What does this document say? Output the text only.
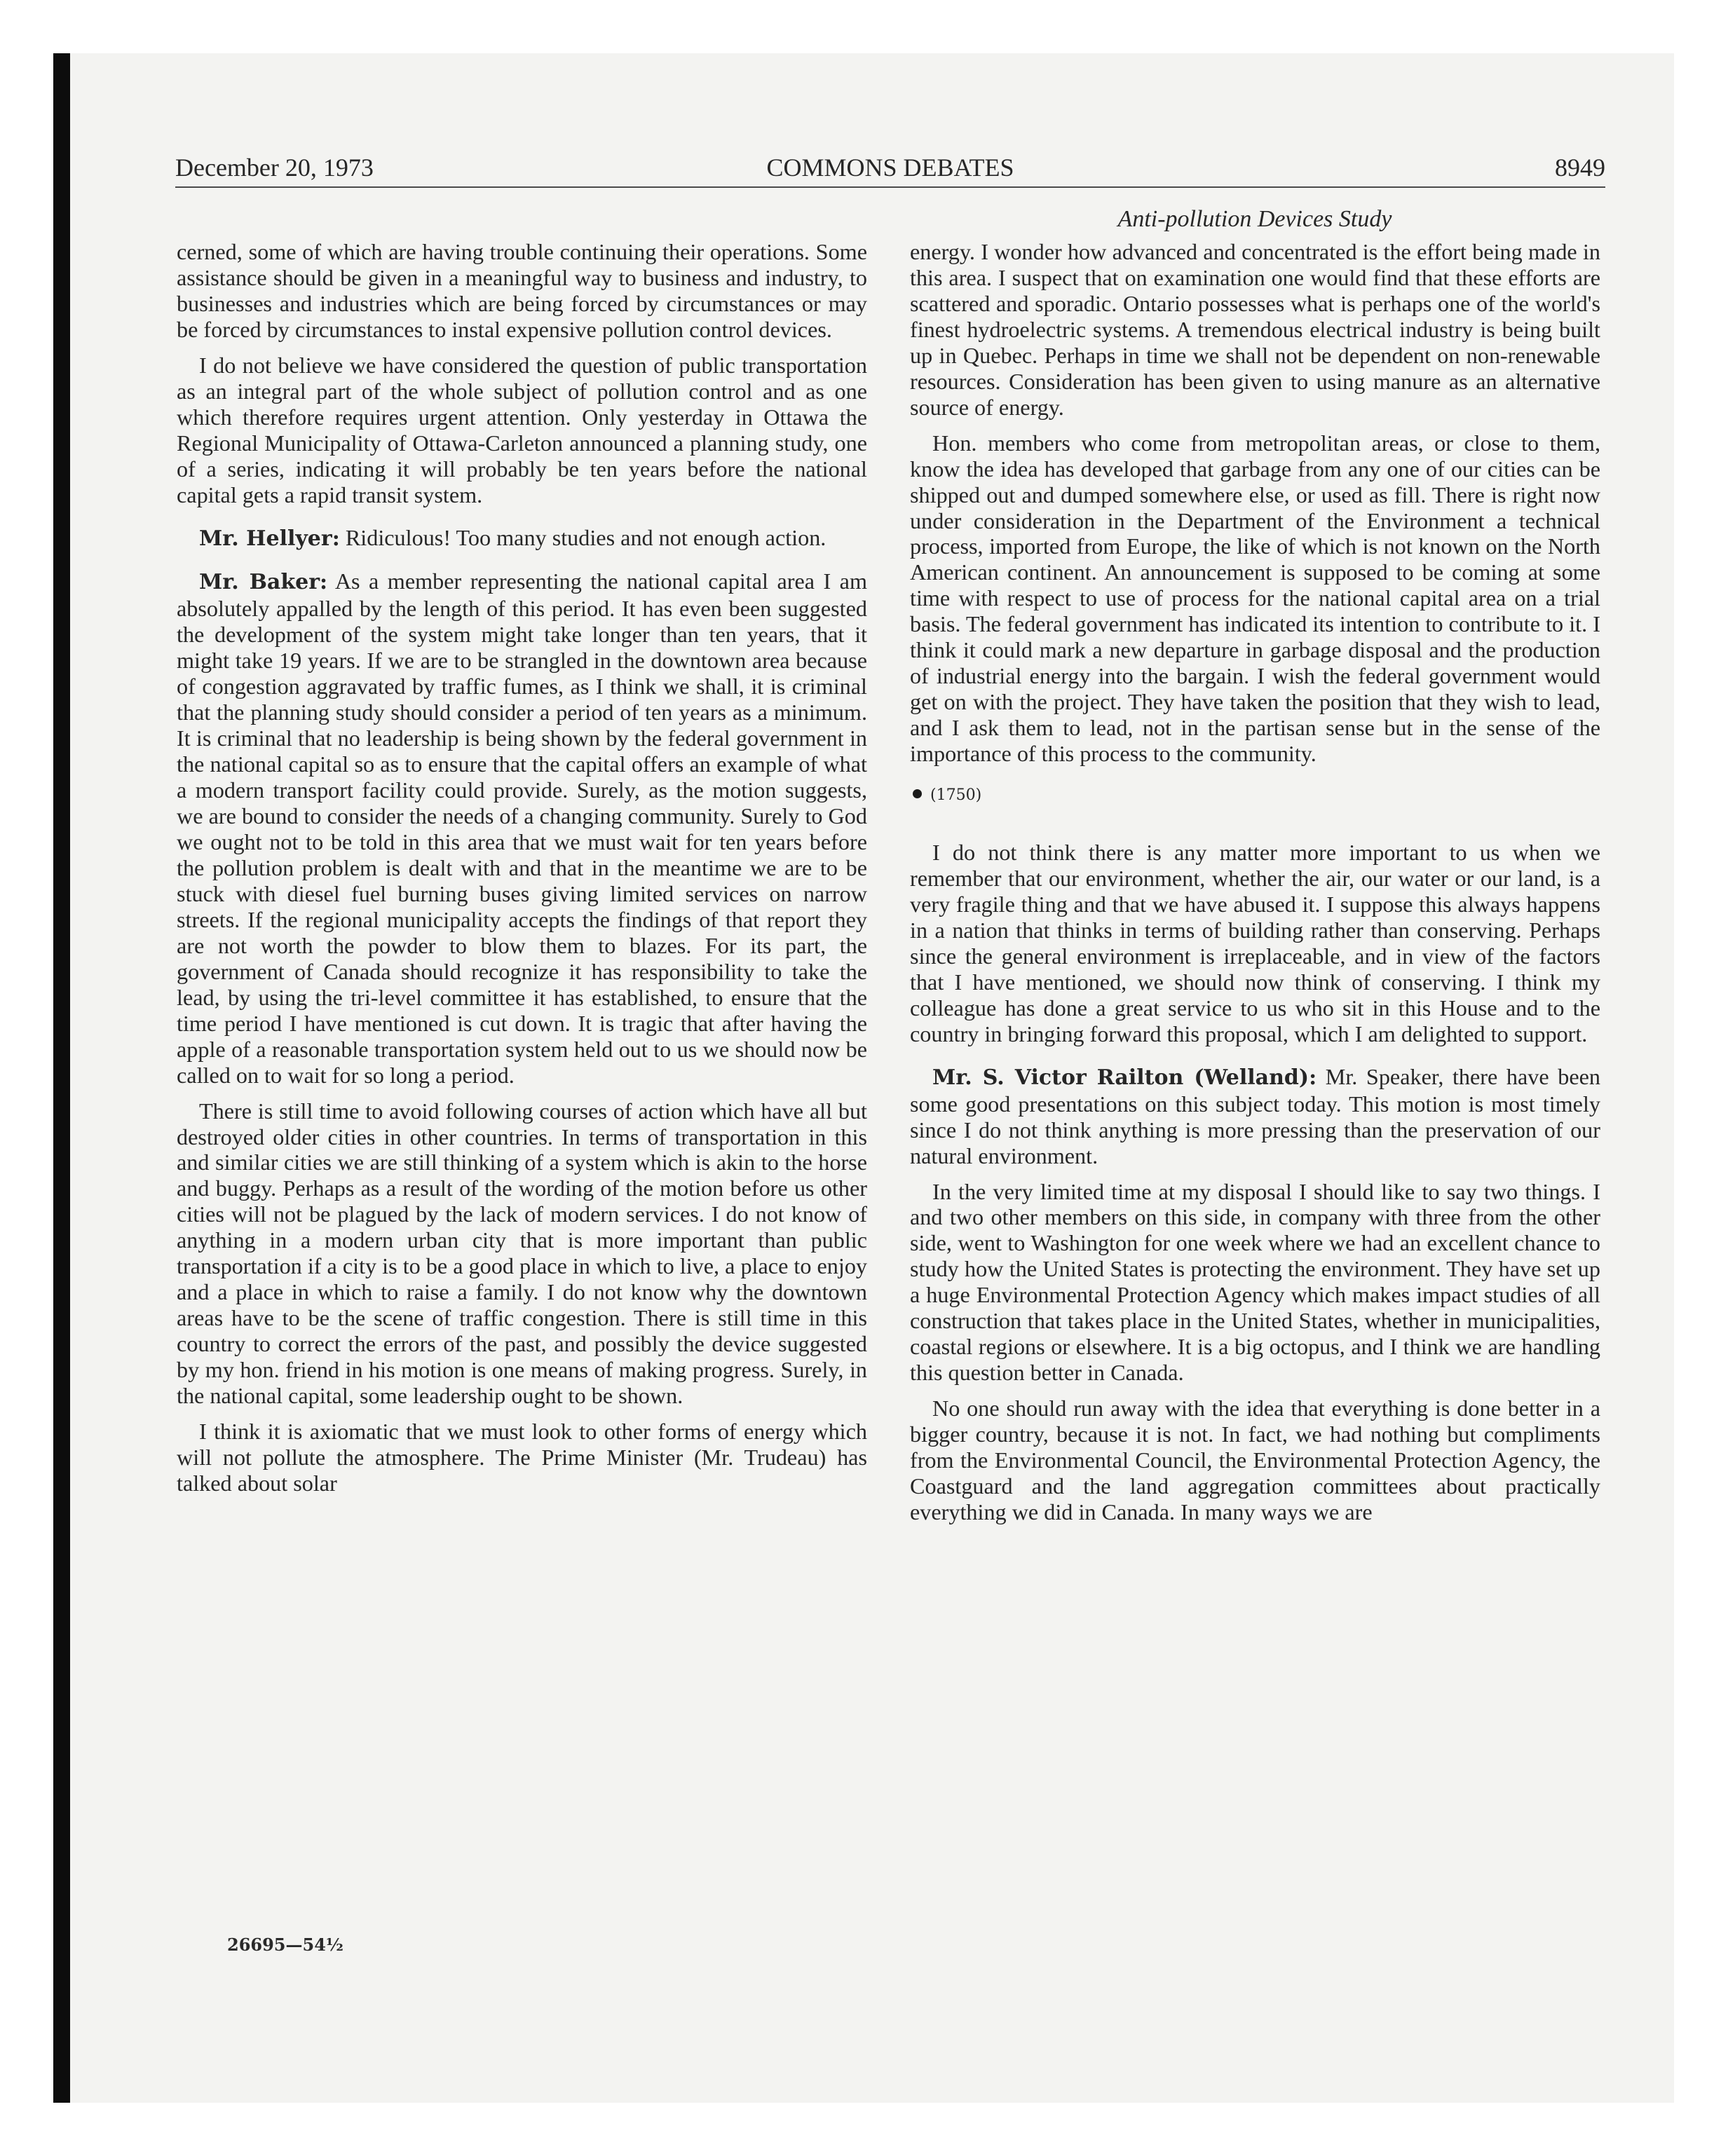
December 20, 1973	COMMONS DEBATES	8949
Anti-pollution Devices Study

cerned, some of which are having trouble continuing their operations. Some assistance should be given in a meaningful way to business and industry, to businesses and industries which are being forced by circumstances or may be forced by circumstances to instal expensive pollution control devices.

I do not believe we have considered the question of public transportation as an integral part of the whole subject of pollution control and as one which therefore requires urgent attention. Only yesterday in Ottawa the Regional Municipality of Ottawa-Carleton announced a planning study, one of a series, indicating it will probably be ten years before the national capital gets a rapid transit system.

Mr. Hellyer: Ridiculous! Too many studies and not enough action.

Mr. Baker: As a member representing the national capital area I am absolutely appalled by the length of this period. It has even been suggested the development of the system might take longer than ten years, that it might take 19 years. If we are to be strangled in the downtown area because of congestion aggravated by traffic fumes, as I think we shall, it is criminal that the planning study should consider a period of ten years as a minimum. It is criminal that no leadership is being shown by the federal government in the national capital so as to ensure that the capital offers an example of what a modern transport facility could provide. Surely, as the motion suggests, we are bound to consider the needs of a changing community. Surely to God we ought not to be told in this area that we must wait for ten years before the pollution problem is dealt with and that in the meantime we are to be stuck with diesel fuel burning buses giving limited services on narrow streets. If the regional municipality accepts the findings of that report they are not worth the powder to blow them to blazes. For its part, the government of Canada should recognize it has responsibility to take the lead, by using the tri-level committee it has established, to ensure that the time period I have mentioned is cut down. It is tragic that after having the apple of a reasonable transportation system held out to us we should now be called on to wait for so long a period.

There is still time to avoid following courses of action which have all but destroyed older cities in other countries. In terms of transportation in this and similar cities we are still thinking of a system which is akin to the horse and buggy. Perhaps as a result of the wording of the motion before us other cities will not be plagued by the lack of modern services. I do not know of anything in a modern urban city that is more important than public transportation if a city is to be a good place in which to live, a place to enjoy and a place in which to raise a family. I do not know why the downtown areas have to be the scene of traffic congestion. There is still time in this country to correct the errors of the past, and possibly the device suggested by my hon. friend in his motion is one means of making progress. Surely, in the national capital, some leadership ought to be shown.

I think it is axiomatic that we must look to other forms of energy which will not pollute the atmosphere. The Prime Minister (Mr. Trudeau) has talked about solar

energy. I wonder how advanced and concentrated is the effort being made in this area. I suspect that on examination one would find that these efforts are scattered and sporadic. Ontario possesses what is perhaps one of the world's finest hydroelectric systems. A tremendous electrical industry is being built up in Quebec. Perhaps in time we shall not be dependent on non-renewable resources. Consideration has been given to using manure as an alternative source of energy.

Hon. members who come from metropolitan areas, or close to them, know the idea has developed that garbage from any one of our cities can be shipped out and dumped somewhere else, or used as fill. There is right now under consideration in the Department of the Environment a technical process, imported from Europe, the like of which is not known on the North American continent. An announcement is supposed to be coming at some time with respect to use of process for the national capital area on a trial basis. The federal government has indicated its intention to contribute to it. I think it could mark a new departure in garbage disposal and the production of industrial energy into the bargain. I wish the federal government would get on with the project. They have taken the position that they wish to lead, and I ask them to lead, not in the partisan sense but in the sense of the importance of this process to the community.

(1750)

I do not think there is any matter more important to us when we remember that our environment, whether the air, our water or our land, is a very fragile thing and that we have abused it. I suppose this always happens in a nation that thinks in terms of building rather than conserving. Perhaps since the general environment is irreplaceable, and in view of the factors that I have mentioned, we should now think of conserving. I think my colleague has done a great service to us who sit in this House and to the country in bringing forward this proposal, which I am delighted to support.

Mr. S. Victor Railton (Welland): Mr. Speaker, there have been some good presentations on this subject today. This motion is most timely since I do not think anything is more pressing than the preservation of our natural environment.

In the very limited time at my disposal I should like to say two things. I and two other members on this side, in company with three from the other side, went to Washington for one week where we had an excellent chance to study how the United States is protecting the environment. They have set up a huge Environmental Protection Agency which makes impact studies of all construction that takes place in the United States, whether in municipalities, coastal regions or elsewhere. It is a big octopus, and I think we are handling this question better in Canada.

No one should run away with the idea that everything is done better in a bigger country, because it is not. In fact, we had nothing but compliments from the Environmental Council, the Environmental Protection Agency, the Coastguard and the land aggregation committees about practically everything we did in Canada. In many ways we are

26695—54½
